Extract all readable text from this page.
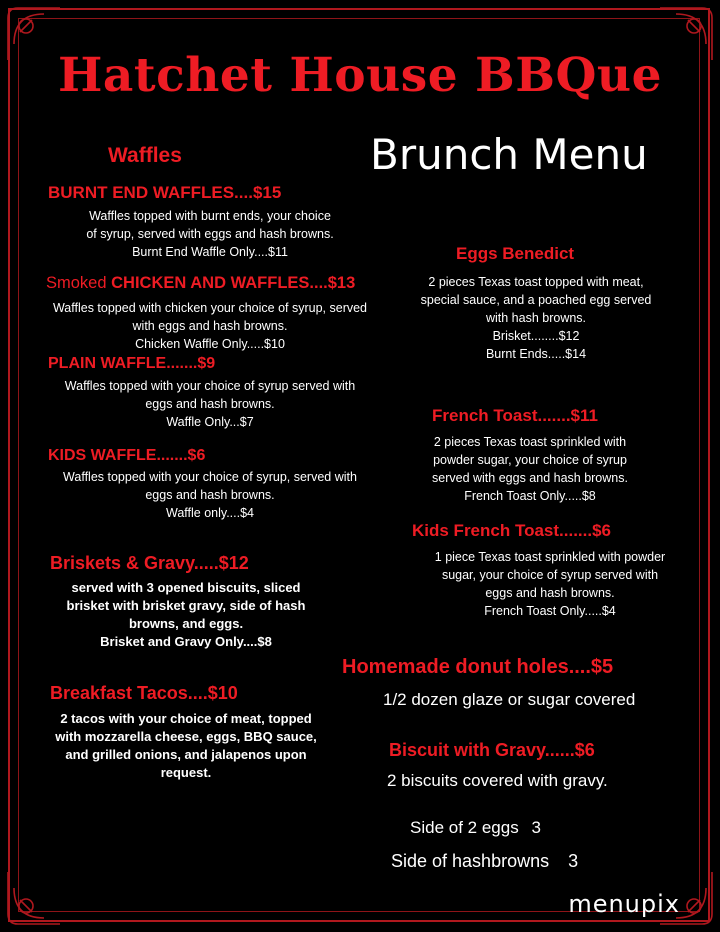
Hatchet House BBQue
Brunch Menu
Waffles
BURNT END WAFFLES....$15
Waffles topped with burnt ends, your choice
of syrup, served with eggs and hash browns.
Burnt End Waffle Only....$11
Smoked CHICKEN AND WAFFLES....$13
Waffles topped with chicken your choice of syrup, served
with eggs and hash browns.
Chicken Waffle Only.....$10
PLAIN WAFFLE.......$9
Waffles topped with your choice of syrup served with
eggs and hash browns.
Waffle Only...$7
KIDS WAFFLE.......$6
Waffles topped with your choice of syrup, served with
eggs and hash browns.
Waffle only....$4
Briskets & Gravy.....$12
served with 3 opened biscuits, sliced
brisket with brisket gravy, side of hash
browns, and eggs.
Brisket and Gravy Only....$8
Breakfast Tacos....$10
2 tacos with your choice of meat, topped
with mozzarella cheese, eggs, BBQ sauce,
and grilled onions, and jalapenos upon
request.
Eggs Benedict
2 pieces Texas toast topped with meat,
special sauce, and a poached egg served
with hash browns.
Brisket........$12
Burnt Ends.....$14
French Toast.......$11
2 pieces Texas toast sprinkled with
powder sugar, your choice of syrup
served with eggs and hash browns.
French Toast Only.....$8
Kids French Toast.......$6
1 piece Texas toast sprinkled with powder
sugar, your choice of syrup served with
eggs and hash browns.
French Toast Only.....$4
Homemade donut holes....$5
1/2 dozen glaze or sugar covered
Biscuit with Gravy......$6
2 biscuits covered with gravy.
Side of 2 eggs 3
Side of hashbrowns 3
menupix
